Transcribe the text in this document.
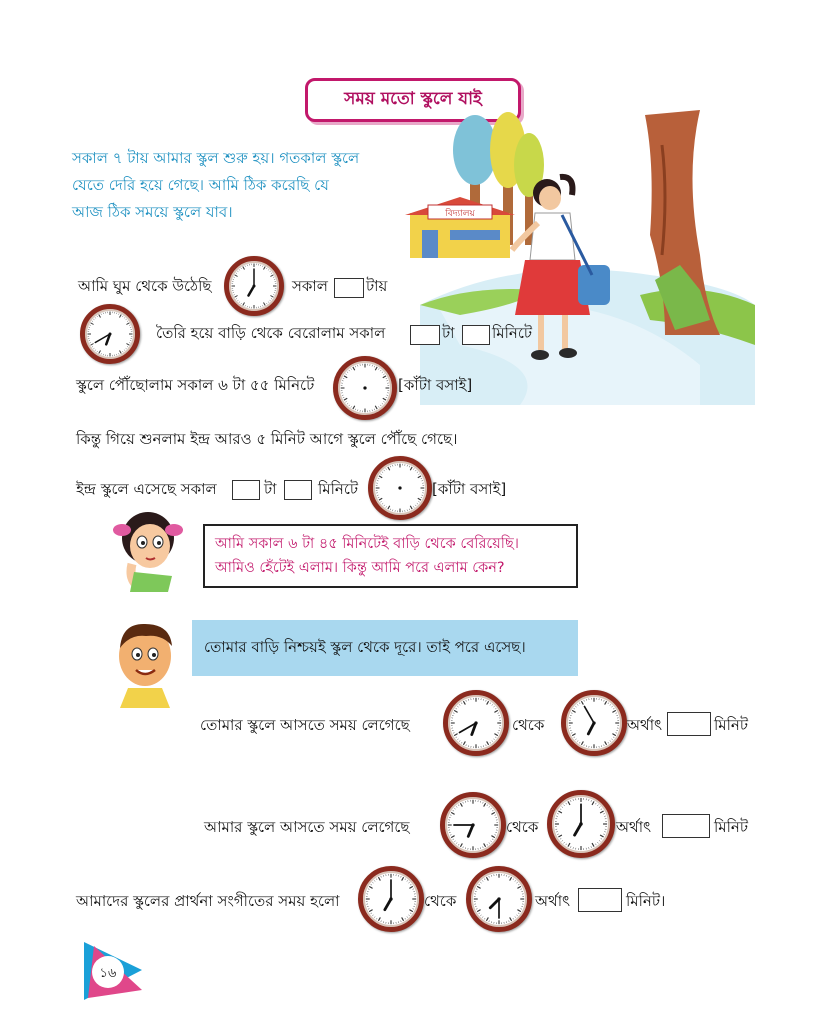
সময় মতো স্কুলে যাই
সকাল ৭ টায় আমার স্কুল শুরু হয়। গতকাল স্কুলে
যেতে দেরি হয়ে গেছে। আমি ঠিক করেছি যে
আজ ঠিক সময়ে স্কুলে যাব।	বিদ্যালয়
আমি ঘুম থেকে উঠেছি	সকাল	টায়
তৈরি হয়ে বাড়ি থেকে বেরোলাম সকাল	টা মিনিটে
স্কুলে পৌঁছোলাম সকাল ৬ টা ৫৫ মিনিটে	[কাঁটা বসাই]
কিন্তু গিয়ে শুনলাম ইন্দ্র আরও ৫ মিনিট আগে স্কুলে পৌঁছে গেছে।
ইন্দ্র স্কুলে এসেছে সকাল	টা	মিনিটে	[কাঁটা বসাই]
আমি সকাল ৬ টা ৪৫ মিনিটেই বাড়ি থেকে বেরিয়েছি।
আমিও হেঁটেই এলাম। কিন্তু আমি পরে এলাম কেন?
তোমার বাড়ি নিশ্চয়ই স্কুল থেকে দূরে। তাই পরে এসেছ।
তোমার স্কুলে আসতে সময় লেগেছে	থেকে	অর্থাৎ	মিনিট
আমার স্কুলে আসতে সময় লেগেছে	থেকে	অর্থাৎ	মিনিট
আমাদের স্কুলের প্রার্থনা সংগীতের সময় হলো	থেকে	অর্থাৎ	মিনিট।
১৬
